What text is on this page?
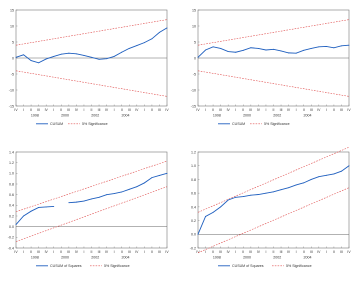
15
10
5
0
-5
-10
-15
IV I II III IV I II III IV I II III IV I II III IV I II III IV
1998	2000	2002	2004
CUSUM	5% Significance
15
10
5
0
-5
-10
-15
IV I II III IV I II III IV I II III IV I II III IV I II III IV
1998	2000	2002	2004
CUSUM	5% Significance
1.4
1.2
1.0
0.8
0.6
0.4
0.2
0.0
-0.2
-0.4
IV I II III IV I II III IV I II III IV I II III IV I II III IV
1998	2000	2002	2004
CUSUM of Squares	5% Significance
1.2
1.0
0.8
0.6
0.4
0.2
0.0
-0.2
IV I II III IV I II III IV I II III IV I II III IV I II III IV
1998	2000	2002	2004
CUSUM of Squares	5% Significance
